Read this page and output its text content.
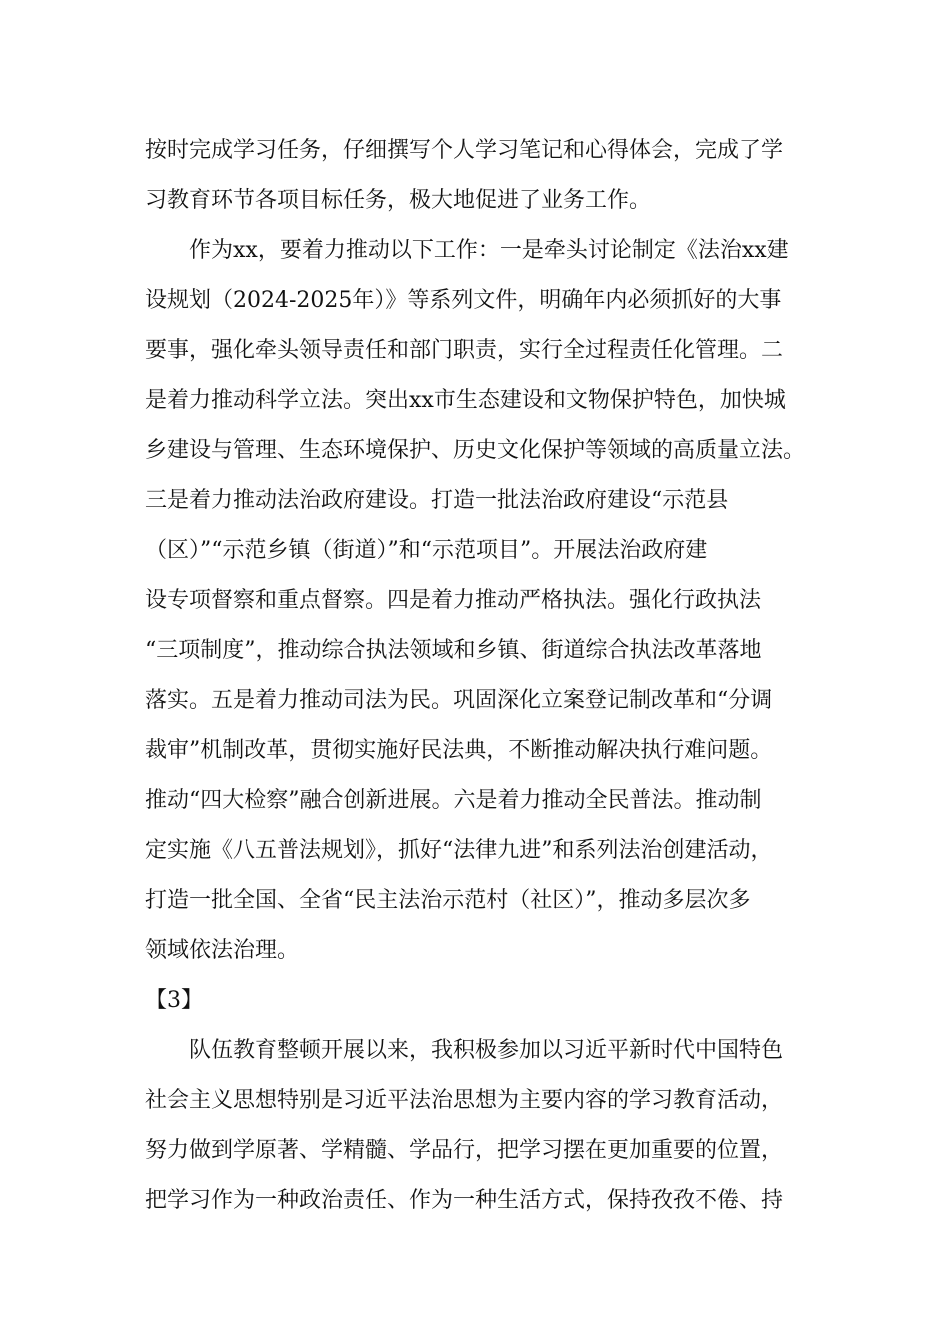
按时完成学习任务，仔细撰写个人学习笔记和心得体会，完成了学
习教育环节各项目标任务，极大地促进了业务工作。
作为xx，要着力推动以下工作：一是牵头讨论制定《法治xx建
设规划（2024-2025年）》等系列文件，明确年内必须抓好的大事
要事，强化牵头领导责任和部门职责，实行全过程责任化管理。二
是着力推动科学立法。突出xx市生态建设和文物保护特色，加快城
乡建设与管理、生态环境保护、历史文化保护等领域的高质量立法。
三是着力推动法治政府建设。打造一批法治政府建设“示范县
（区）”“示范乡镇（街道）”和“示范项目”。开展法治政府建
设专项督察和重点督察。四是着力推动严格执法。强化行政执法
“三项制度”，推动综合执法领域和乡镇、街道综合执法改革落地
落实。五是着力推动司法为民。巩固深化立案登记制改革和“分调
裁审”机制改革，贯彻实施好民法典，不断推动解决执行难问题。
推动“四大检察”融合创新进展。六是着力推动全民普法。推动制
定实施《八五普法规划》，抓好“法律九进”和系列法治创建活动，
打造一批全国、全省“民主法治示范村（社区）”，推动多层次多
领域依法治理。
【3】
队伍教育整顿开展以来，我积极参加以习近平新时代中国特色
社会主义思想特别是习近平法治思想为主要内容的学习教育活动，
努力做到学原著、学精髓、学品行，把学习摆在更加重要的位置，
把学习作为一种政治责任、作为一种生活方式，保持孜孜不倦、持
